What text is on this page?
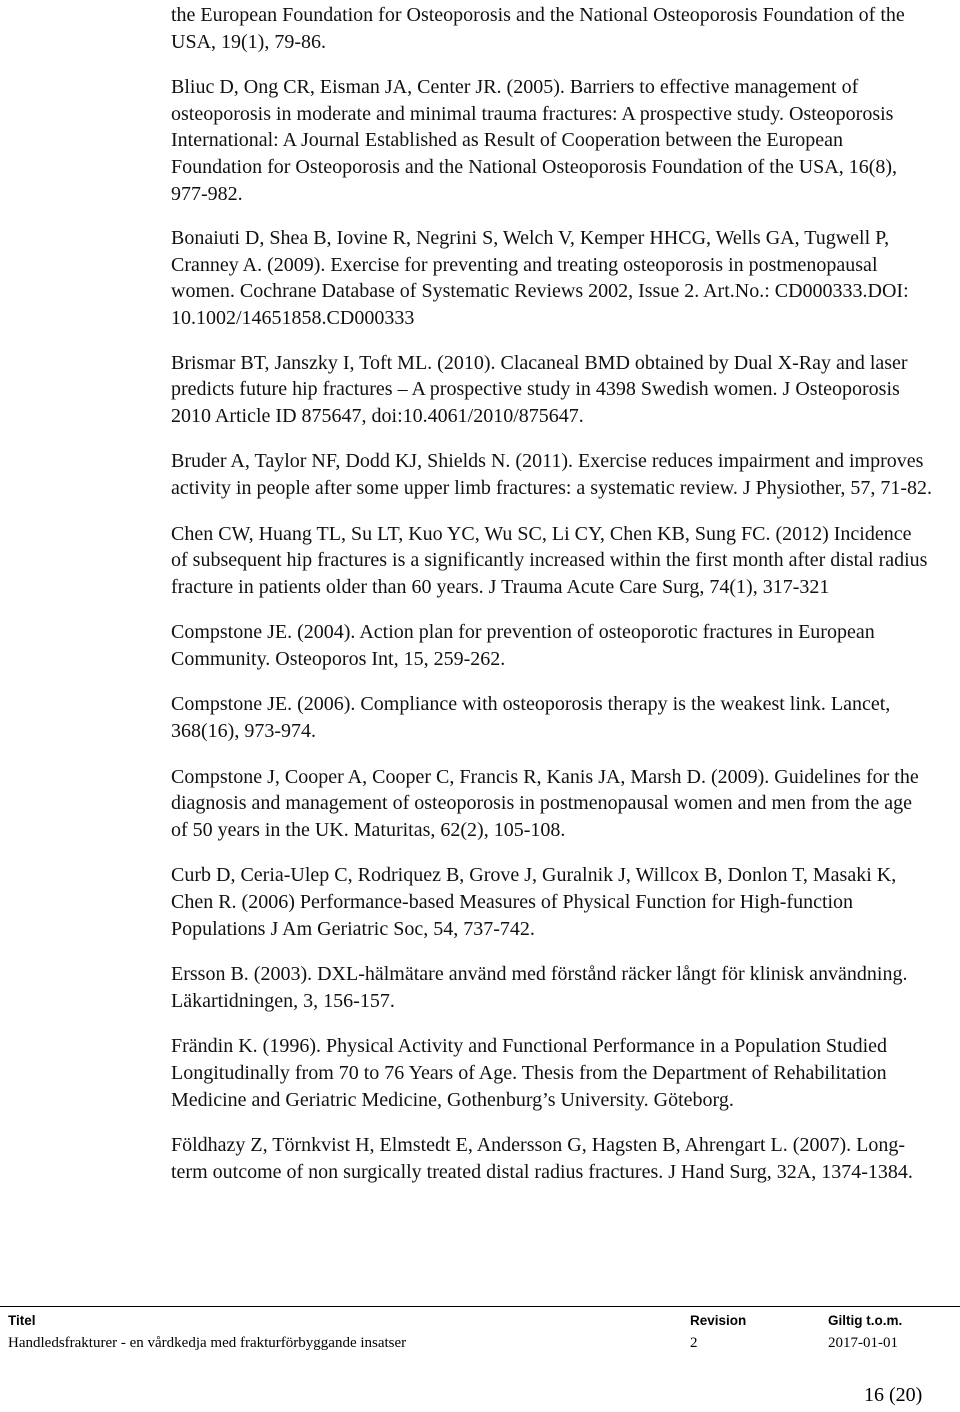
the European Foundation for Osteoporosis and the National Osteoporosis Foundation of the USA, 19(1), 79-86.

Bliuc D, Ong CR, Eisman JA, Center JR. (2005). Barriers to effective management of osteoporosis in moderate and minimal trauma fractures: A prospective study. Osteoporosis International: A Journal Established as Result of Cooperation between the European Foundation for Osteoporosis and the National Osteoporosis Foundation of the USA, 16(8), 977-982.

Bonaiuti D, Shea B, Iovine R, Negrini S, Welch V, Kemper HHCG, Wells GA, Tugwell P, Cranney A. (2009). Exercise for preventing and treating osteoporosis in postmenopausal women. Cochrane Database of Systematic Reviews 2002, Issue 2. Art.No.: CD000333.DOI: 10.1002/14651858.CD000333

Brismar BT, Janszky I, Toft ML. (2010). Clacaneal BMD obtained by Dual X-Ray and laser predicts future hip fractures – A prospective study in 4398 Swedish women. J Osteoporosis 2010 Article ID 875647, doi:10.4061/2010/875647.

Bruder A, Taylor NF, Dodd KJ, Shields N. (2011). Exercise reduces impairment and improves activity in people after some upper limb fractures: a systematic review. J Physiother, 57, 71-82.

Chen CW, Huang TL, Su LT, Kuo YC, Wu SC, Li CY, Chen KB, Sung FC. (2012) Incidence of subsequent hip fractures is a significantly increased within the first month after distal radius fracture in patients older than 60 years. J Trauma Acute Care Surg, 74(1), 317-321

Compstone JE. (2004). Action plan for prevention of osteoporotic fractures in European Community. Osteoporos Int, 15, 259-262.

Compstone JE. (2006). Compliance with osteoporosis therapy is the weakest link. Lancet, 368(16), 973-974.

Compstone J, Cooper A, Cooper C, Francis R, Kanis JA, Marsh D. (2009). Guidelines for the diagnosis and management of osteoporosis in postmenopausal women and men from the age of 50 years in the UK. Maturitas, 62(2), 105-108.

Curb D, Ceria-Ulep C, Rodriquez B, Grove J, Guralnik J, Willcox B, Donlon T, Masaki K, Chen R. (2006) Performance-based Measures of Physical Function for High-function Populations J Am Geriatric Soc, 54, 737-742.

Ersson B. (2003). DXL-hälmätare använd med förstånd räcker långt för klinisk användning. Läkartidningen, 3, 156-157.

Frändin K. (1996). Physical Activity and Functional Performance in a Population Studied Longitudinally from 70 to 76 Years of Age. Thesis from the Department of Rehabilitation Medicine and Geriatric Medicine, Gothenburg’s University. Göteborg.

Földhazy Z, Törnkvist H, Elmstedt E, Andersson G, Hagsten B, Ahrengart L. (2007). Long-term outcome of non surgically treated distal radius fractures. J Hand Surg, 32A, 1374-1384.

Titel
Handledsfrakturer - en vårdkedja med frakturförbyggande insatser
Revision
2
Giltig t.o.m.
2017-01-01
16 (20)
